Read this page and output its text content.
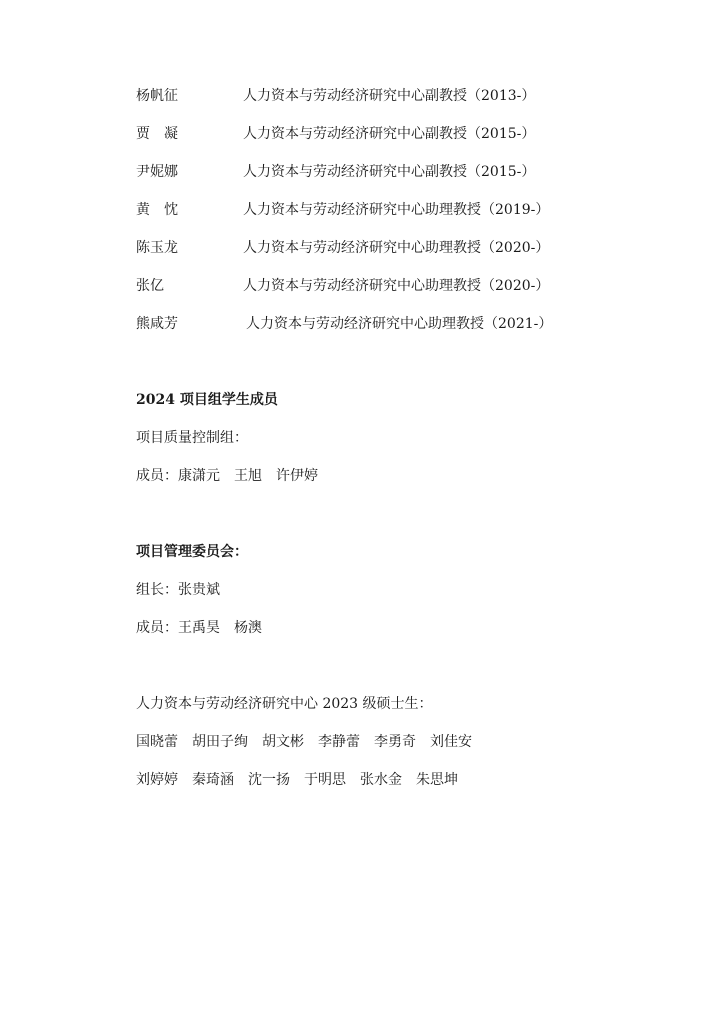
杨帆征	人力资本与劳动经济研究中心副教授（2013-）
贾　凝	人力资本与劳动经济研究中心副教授（2015-）
尹妮娜	人力资本与劳动经济研究中心副教授（2015-）
黄　忱	人力资本与劳动经济研究中心助理教授（2019-）
陈玉龙	人力资本与劳动经济研究中心助理教授（2020-）
张亿	人力资本与劳动经济研究中心助理教授（2020-）
熊咸芳	人力资本与劳动经济研究中心助理教授（2021-）
2024 项目组学生成员
项目质量控制组：
成员：康潇元　王旭　许伊婷
项目管理委员会：
组长：张贵斌
成员：王禹昊　杨澳
人力资本与劳动经济研究中心 2023 级硕士生：
国晓蕾　胡田子绚　胡文彬　李静蕾　李勇奇　刘佳安
刘婷婷　秦琦涵　沈一扬　于明思　张水金　朱思坤
